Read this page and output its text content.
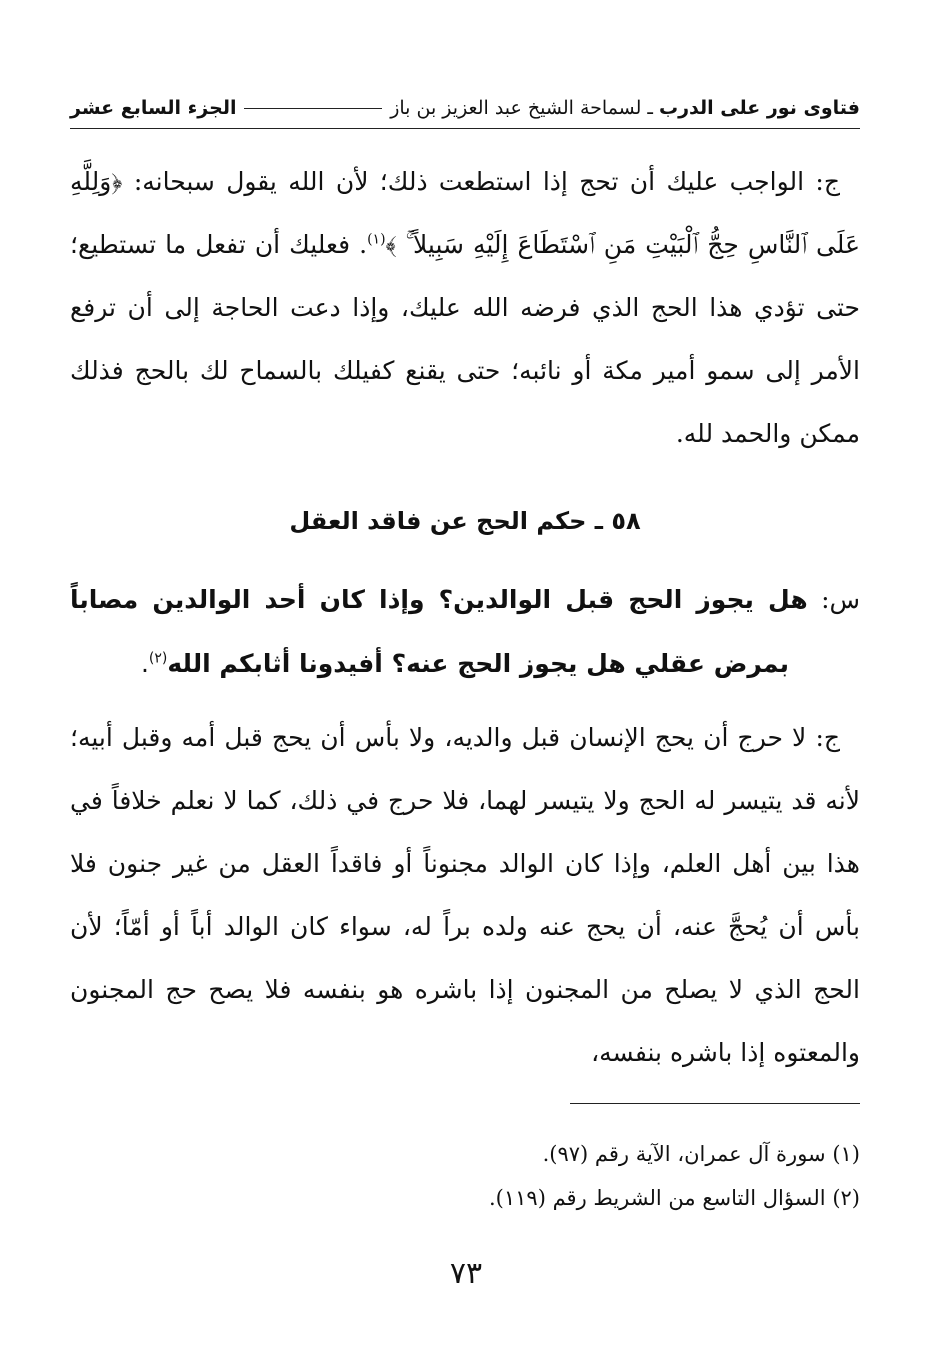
فتاوى نور على الدرب
ـ
لسماحة الشيخ عبد العزيز بن باز
الجزء السابع عشر
ج: الواجب عليك أن تحج إذا استطعت ذلك؛ لأن الله يقول سبحانه: ﴿وَلِلَّهِ عَلَى ٱلنَّاسِ حِجُّ ٱلْبَيْتِ مَنِ ٱسْتَطَاعَ إِلَيْهِ سَبِيلاً ۚ ﴾$^{(١)}$. فعليك أن تفعل ما تستطيع؛ حتى تؤدي هذا الحج الذي فرضه الله عليك، وإذا دعت الحاجة إلى أن ترفع الأمر إلى سمو أمير مكة أو نائبه؛ حتى يقنع كفيلك بالسماح لك بالحج فذلك ممكن والحمد لله.
٥٨ ـ حكم الحج عن فاقد العقل
س: هل يجوز الحج قبل الوالدين؟ وإذا كان أحد الوالدين مصاباً بمرض عقلي هل يجوز الحج عنه؟ أفيدونا أثابكم الله$^{(٢)}$.
ج: لا حرج أن يحج الإنسان قبل والديه، ولا بأس أن يحج قبل أمه وقبل أبيه؛ لأنه قد يتيسر له الحج ولا يتيسر لهما، فلا حرج في ذلك، كما لا نعلم خلافاً في هذا بين أهل العلم، وإذا كان الوالد مجنوناً أو فاقداً العقل من غير جنون فلا بأس أن يُحجَّ عنه، أن يحج عنه ولده براً له، سواء كان الوالد أباً أو أمّاً؛ لأن الحج الذي لا يصلح من المجنون إذا باشره هو بنفسه فلا يصح حج المجنون والمعتوه إذا باشره بنفسه،
(١) سورة آل عمران، الآية رقم (٩٧).
(٢) السؤال التاسع من الشريط رقم (١١٩).
٧٣
